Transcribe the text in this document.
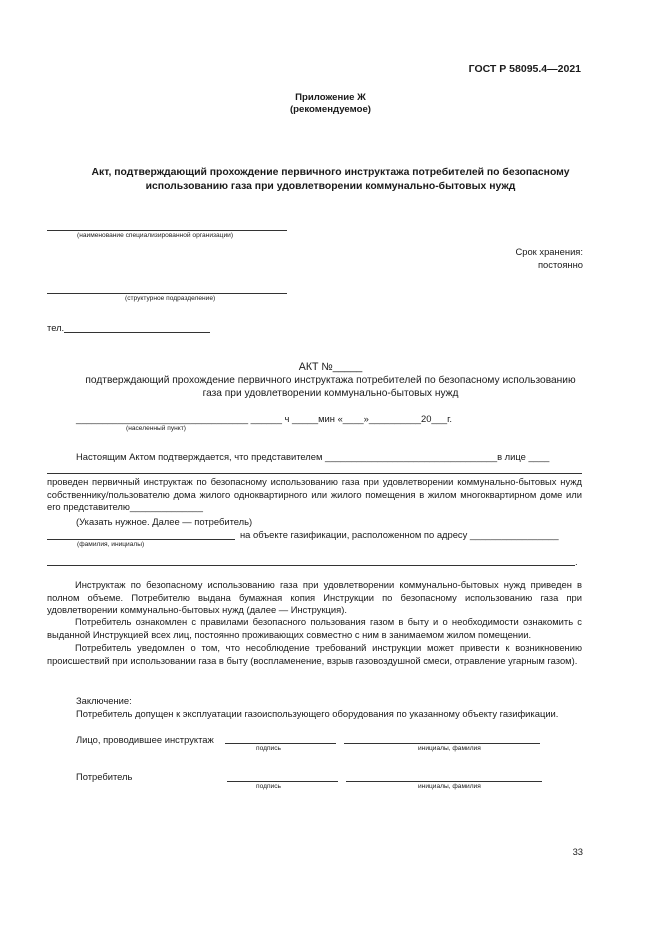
ГОСТ Р 58095.4—2021
Приложение Ж
(рекомендуемое)
Акт, подтверждающий прохождение первичного инструктажа потребителей по безопасному
использованию газа при удовлетворении коммунально-бытовых нужд
(наименование специализированной организации)
Срок хранения:
постоянно
(структурное подразделение)
тел.
АКТ №_____
подтверждающий прохождение первичного инструктажа потребителей по безопасному использованию
газа при удовлетворении коммунально-бытовых нужд
_________________________________ ______ ч _____мин «____»__________20___г.
(населенный пункт)
Настоящим Актом подтверждается, что представителем _________________________________в лице ____
проведен первичный инструктаж по безопасному использованию газа при удовлетворении коммунально-бытовых нужд собственнику/пользователю дома жилого одноквартирного или жилого помещения в жилом многоквартирном доме или его представителю______________
(Указать нужное. Далее — потребитель)
на объекте газификации, расположенном по адресу _________________
(фамилия, инициалы)
.
Инструктаж по безопасному использованию газа при удовлетворении коммунально-бытовых нужд приведен в полном объеме. Потребителю выдана бумажная копия Инструкции по безопасному использованию газа при удовлетворении коммунально-бытовых нужд (далее — Инструкция).
Потребитель ознакомлен с правилами безопасного пользования газом в быту и о необходимости ознакомить с выданной Инструкцией всех лиц, постоянно проживающих совместно с ним в занимаемом жилом помещении.
Потребитель уведомлен о том, что несоблюдение требований инструкции может привести к возникновению происшествий при использовании газа в быту (воспламенение, взрыв газовоздушной смеси, отравление угарным газом).
Заключение:
Потребитель допущен к эксплуатации газоиспользующего оборудования по указанному объекту газификации.
Лицо, проводившее инструктаж
подпись	инициалы, фамилия
Потребитель
подпись	инициалы, фамилия
33
